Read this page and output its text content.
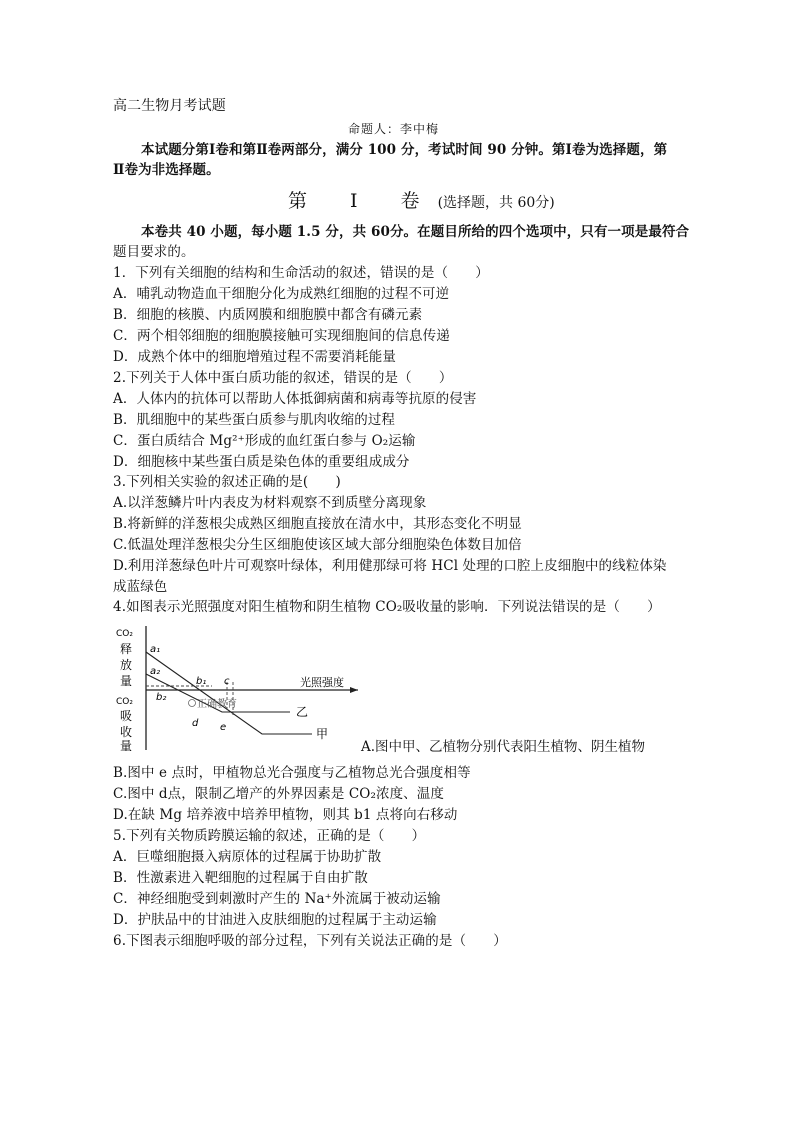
高二生物月考试题
命题人：李中梅
本试题分第Ⅰ卷和第Ⅱ卷两部分，满分 100 分，考试时间 90 分钟。第Ⅰ卷为选择题，第
Ⅱ卷为非选择题。
第　Ⅰ　卷 (选择题，共 60分)
本卷共 40 小题，每小题 1.5 分，共 60分。在题目所给的四个选项中，只有一项是最符合
题目要求的。
1．下列有关细胞的结构和生命活动的叙述，错误的是（　　）
A．哺乳动物造血干细胞分化为成熟红细胞的过程不可逆
B．细胞的核膜、内质网膜和细胞膜中都含有磷元素
C．两个相邻细胞的细胞膜接触可实现细胞间的信息传递
D．成熟个体中的细胞增殖过程不需要消耗能量
2.下列关于人体中蛋白质功能的叙述，错误的是（　　）
A．人体内的抗体可以帮助人体抵御病菌和病毒等抗原的侵害
B．肌细胞中的某些蛋白质参与肌肉收缩的过程
C．蛋白质结合 Mg²⁺形成的血红蛋白参与 O₂运输
D．细胞核中某些蛋白质是染色体的重要组成成分
3.下列相关实验的叙述正确的是(　　)
A.以洋葱鳞片叶内表皮为材料观察不到质壁分离现象
B.将新鲜的洋葱根尖成熟区细胞直接放在清水中，其形态变化不明显
C.低温处理洋葱根尖分生区细胞使该区域大部分细胞染色体数目加倍
D.利用洋葱绿色叶片可观察叶绿体，利用健那绿可将 HCl 处理的口腔上皮细胞中的线粒体染
成蓝绿色
4.如图表示光照强度对阳生植物和阴生植物 CO₂吸收量的影响．下列说法错误的是（　　）
CO₂
释
放
量
CO₂
吸
收
量
光照强度
a₁
a₂
b₁
b₂
c
d e
乙
甲
正确教育
A.图中甲、乙植物分别代表阳生植物、阴生植物
B.图中 e 点时，甲植物总光合强度与乙植物总光合强度相等
C.图中 d点，限制乙增产的外界因素是 CO₂浓度、温度
D.在缺 Mg 培养液中培养甲植物，则其 b1 点将向右移动
5.下列有关物质跨膜运输的叙述，正确的是（　　）
A．巨噬细胞摄入病原体的过程属于协助扩散
B．性激素进入靶细胞的过程属于自由扩散
C．神经细胞受到刺激时产生的 Na⁺外流属于被动运输
D．护肤品中的甘油进入皮肤细胞的过程属于主动运输
6.下图表示细胞呼吸的部分过程，下列有关说法正确的是（　　）
